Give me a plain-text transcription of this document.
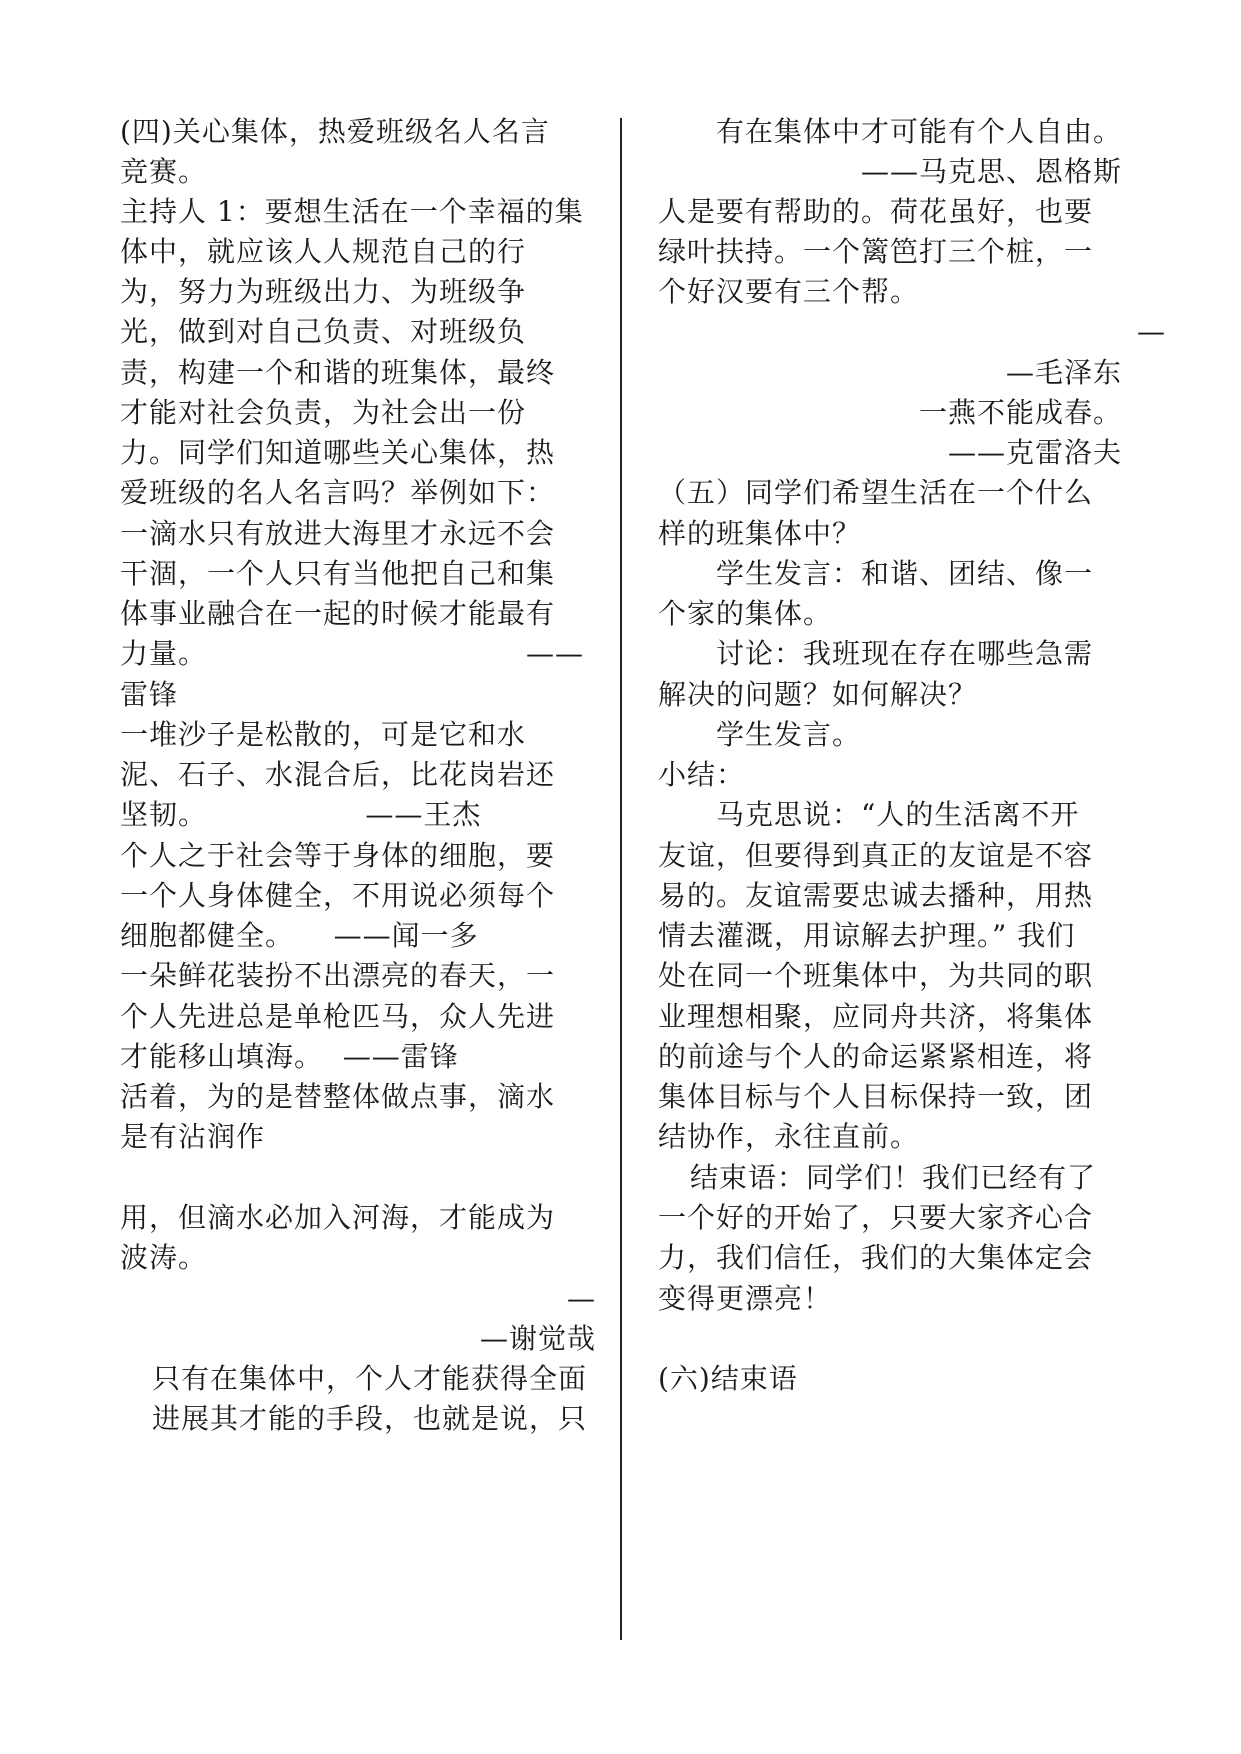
(四)关心集体，热爱班级名人名言
竞赛。
主持人 1：要想生活在一个幸福的集
体中，就应该人人规范自己的行
为，努力为班级出力、为班级争
光，做到对自己负责、对班级负
责，构建一个和谐的班集体，最终
才能对社会负责，为社会出一份
力。同学们知道哪些关心集体，热
爱班级的名人名言吗？举例如下：
一滴水只有放进大海里才永远不会
干涸，一个人只有当他把自己和集
体事业融合在一起的时候才能最有
力量。	——
雷锋
一堆沙子是松散的，可是它和水
泥、石子、水混合后，比花岗岩还
坚韧。                ——王杰
个人之于社会等于身体的细胞，要
一个人身体健全，不用说必须每个
细胞都健全。    ——闻一多
一朵鲜花装扮不出漂亮的春天，一
个人先进总是单枪匹马，众人先进
才能移山填海。  ——雷锋
活着，为的是替整体做点事，滴水
是有沾润作
用，但滴水必加入河海，才能成为
波涛。
—
—谢觉哉
只有在集体中，个人才能获得全面
进展其才能的手段，也就是说，只
有在集体中才可能有个人自由。
——马克思、恩格斯
人是要有帮助的。荷花虽好，也要
绿叶扶持。一个篱笆打三个桩，一
个好汉要有三个帮。
—
—毛泽东
一燕不能成春。
——克雷洛夫
（五）同学们希望生活在一个什么
样的班集体中？
学生发言：和谐、团结、像一
个家的集体。
讨论：我班现在存在哪些急需
解决的问题？如何解决？
学生发言。
小结：
马克思说：“人的生活离不开
友谊，但要得到真正的友谊是不容
易的。友谊需要忠诚去播种，用热
情去灌溉，用谅解去护理。” 我们
处在同一个班集体中，为共同的职
业理想相聚，应同舟共济，将集体
的前途与个人的命运紧紧相连，将
集体目标与个人目标保持一致，团
结协作，永往直前。
结束语：同学们！我们已经有了
一个好的开始了，只要大家齐心合
力，我们信任，我们的大集体定会
变得更漂亮！
(六)结束语
